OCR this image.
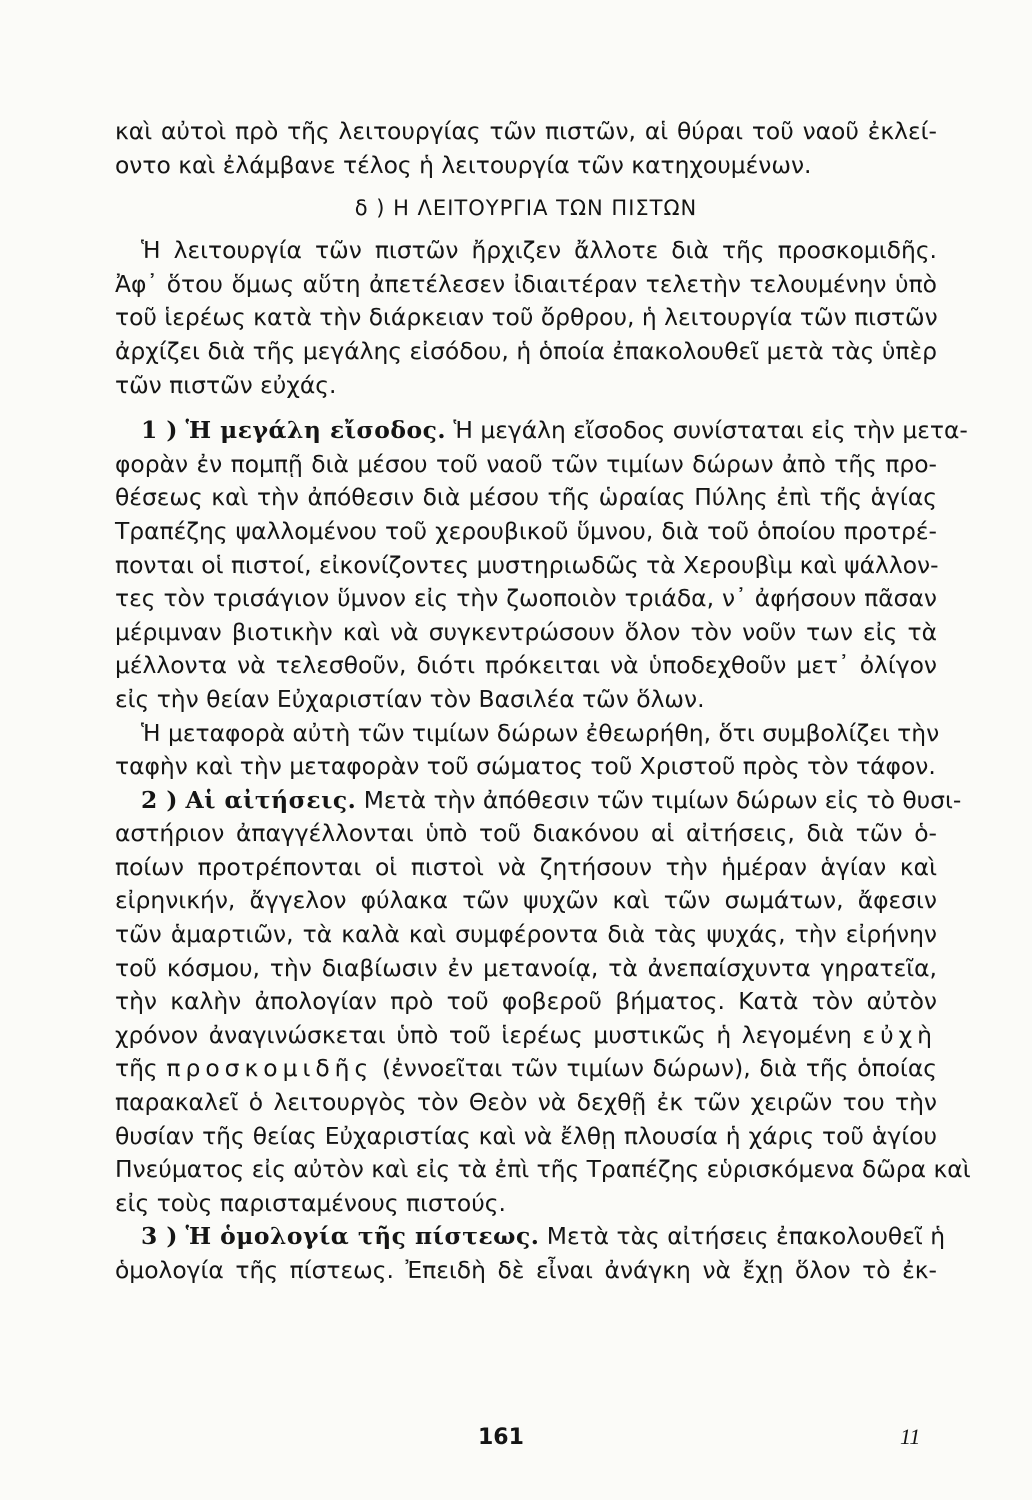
καὶ αὐτοὶ πρὸ τῆς λειτουργίας τῶν πιστῶν, αἱ θύραι τοῦ ναοῦ ἐκλεί-
οντο καὶ ἐλάμβανε τέλος ἡ λειτουργία τῶν κατηχουμένων.
δ ) Η ΛΕΙΤΟΥΡΓΙΑ ΤΩΝ ΠΙΣΤΩΝ
Ἡ λειτουργία τῶν πιστῶν ἤρχιζεν ἄλλοτε διὰ τῆς προσκομιδῆς.
Ἀφ᾽ ὅτου ὅμως αὕτη ἀπετέλεσεν ἰδιαιτέραν τελετὴν τελουμένην ὑπὸ
τοῦ ἱερέως κατὰ τὴν διάρκειαν τοῦ ὄρθρου, ἡ λειτουργία τῶν πιστῶν
ἀρχίζει διὰ τῆς μεγάλης εἰσόδου, ἡ ὁποία ἐπακολουθεῖ μετὰ τὰς ὑπὲρ
τῶν πιστῶν εὐχάς.
1 ) Ἡ μεγάλη εἴσοδος. Ἡ μεγάλη εἴσοδος συνίσταται εἰς τὴν μετα-
φορὰν ἐν πομπῇ διὰ μέσου τοῦ ναοῦ τῶν τιμίων δώρων ἀπὸ τῆς προ-
θέσεως καὶ τὴν ἀπόθεσιν διὰ μέσου τῆς ὡραίας Πύλης ἐπὶ τῆς ἁγίας
Τραπέζης ψαλλομένου τοῦ χερουβικοῦ ὕμνου, διὰ τοῦ ὁποίου προτρέ-
πονται οἱ πιστοί, εἰκονίζοντες μυστηριωδῶς τὰ Χερουβὶμ καὶ ψάλλον-
τες τὸν τρισάγιον ὕμνον εἰς τὴν ζωοποιὸν τριάδα, ν᾽ ἀφήσουν πᾶσαν
μέριμναν βιοτικὴν καὶ νὰ συγκεντρώσουν ὅλον τὸν νοῦν των εἰς τὰ
μέλλοντα νὰ τελεσθοῦν, διότι πρόκειται νὰ ὑποδεχθοῦν μετ᾽ ὀλίγον
εἰς τὴν θείαν Εὐχαριστίαν τὸν Βασιλέα τῶν ὅλων.
Ἡ μεταφορὰ αὐτὴ τῶν τιμίων δώρων ἐθεωρήθη, ὅτι συμβολίζει τὴν
ταφὴν καὶ τὴν μεταφορὰν τοῦ σώματος τοῦ Χριστοῦ πρὸς τὸν τάφον.
2 ) Αἱ αἰτήσεις. Μετὰ τὴν ἀπόθεσιν τῶν τιμίων δώρων εἰς τὸ θυσι-
αστήριον ἀπαγγέλλονται ὑπὸ τοῦ διακόνου αἱ αἰτήσεις, διὰ τῶν ὁ-
ποίων προτρέπονται οἱ πιστοὶ νὰ ζητήσουν τὴν ἡμέραν ἁγίαν καὶ
εἰρηνικήν, ἄγγελον φύλακα τῶν ψυχῶν καὶ τῶν σωμάτων, ἄφεσιν
τῶν ἁμαρτιῶν, τὰ καλὰ καὶ συμφέροντα διὰ τὰς ψυχάς, τὴν εἰρήνην
τοῦ κόσμου, τὴν διαβίωσιν ἐν μετανοίᾳ, τὰ ἀνεπαίσχυντα γηρατεῖα,
τὴν καλὴν ἀπολογίαν πρὸ τοῦ φοβεροῦ βήματος. Κατὰ τὸν αὐτὸν
χρόνον ἀναγινώσκεται ὑπὸ τοῦ ἱερέως μυστικῶς ἡ λεγομένη εὐχὴ
τῆς προσκομιδῆς (ἐννοεῖται τῶν τιμίων δώρων), διὰ τῆς ὁποίας
παρακαλεῖ ὁ λειτουργὸς τὸν Θεὸν νὰ δεχθῇ ἐκ τῶν χειρῶν του τὴν
θυσίαν τῆς θείας Εὐχαριστίας καὶ νὰ ἔλθῃ πλουσία ἡ χάρις τοῦ ἁγίου
Πνεύματος εἰς αὐτὸν καὶ εἰς τὰ ἐπὶ τῆς Τραπέζης εὑρισκόμενα δῶρα καὶ
εἰς τοὺς παρισταμένους πιστούς.
3 ) Ἡ ὁμολογία τῆς πίστεως. Μετὰ τὰς αἰτήσεις ἐπακολουθεῖ ἡ
ὁμολογία τῆς πίστεως. Ἐπειδὴ δὲ εἶναι ἀνάγκη νὰ ἔχῃ ὅλον τὸ ἐκ-
161	11
